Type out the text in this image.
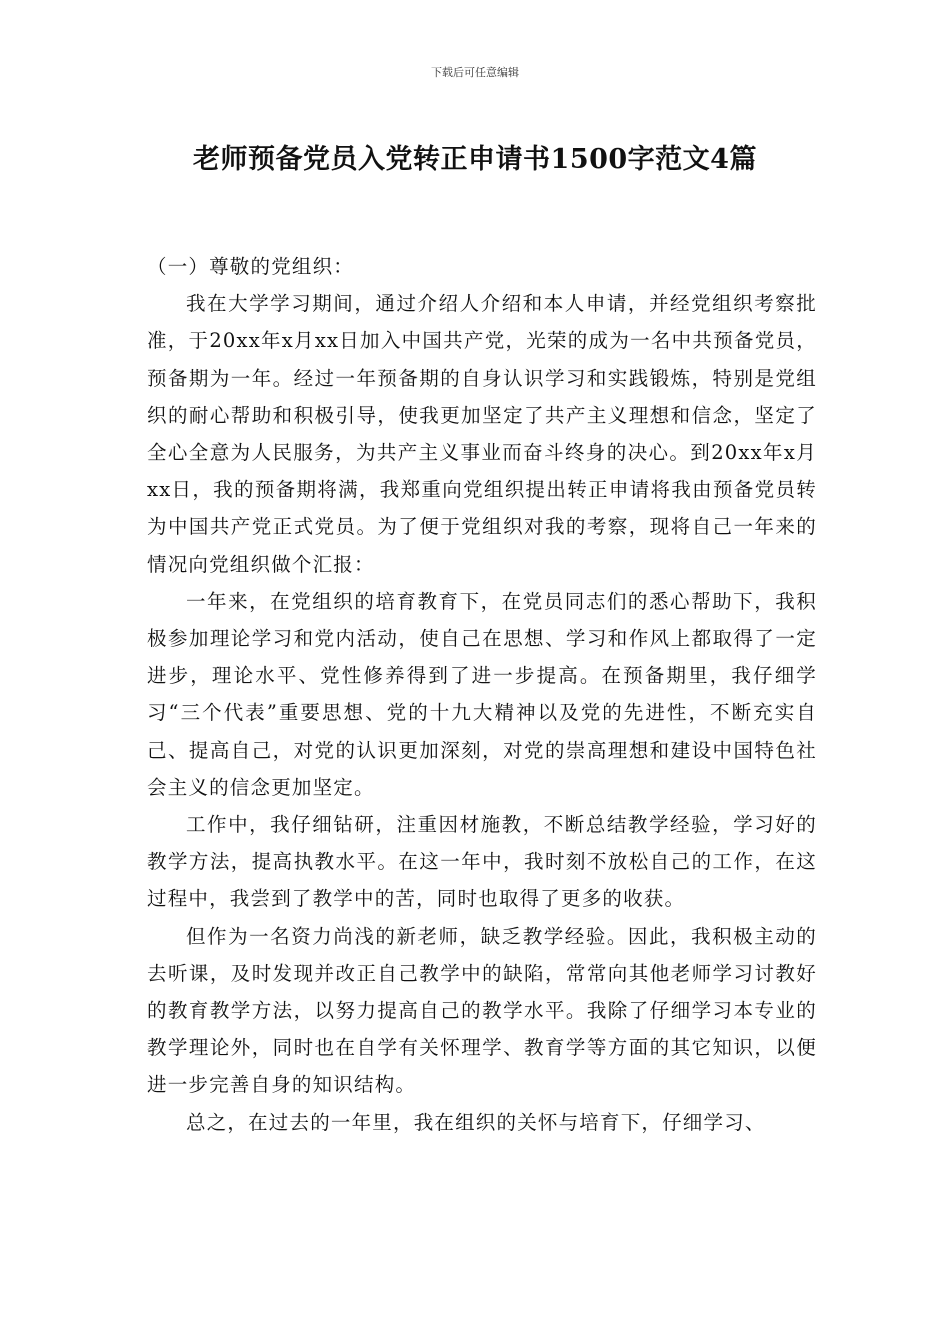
下载后可任意编辑
老师预备党员入党转正申请书1500字范文4篇

（一）尊敬的党组织：

我在大学学习期间，通过介绍人介绍和本人申请，并经党组织考察批准，于20xx年x月xx日加入中国共产党，光荣的成为一名中共预备党员，预备期为一年。经过一年预备期的自身认识学习和实践锻炼，特别是党组织的耐心帮助和积极引导，使我更加坚定了共产主义理想和信念，坚定了全心全意为人民服务，为共产主义事业而奋斗终身的决心。到20xx年x月xx日，我的预备期将满，我郑重向党组织提出转正申请将我由预备党员转为中国共产党正式党员。为了便于党组织对我的考察，现将自己一年来的情况向党组织做个汇报：

一年来，在党组织的培育教育下，在党员同志们的悉心帮助下，我积极参加理论学习和党内活动，使自己在思想、学习和作风上都取得了一定进步，理论水平、党性修养得到了进一步提高。在预备期里，我仔细学习“三个代表”重要思想、党的十九大精神以及党的先进性，不断充实自己、提高自己，对党的认识更加深刻，对党的崇高理想和建设中国特色社会主义的信念更加坚定。

工作中，我仔细钻研，注重因材施教，不断总结教学经验，学习好的教学方法，提高执教水平。在这一年中，我时刻不放松自己的工作，在这过程中，我尝到了教学中的苦，同时也取得了更多的收获。

但作为一名资力尚浅的新老师，缺乏教学经验。因此，我积极主动的去听课，及时发现并改正自己教学中的缺陷，常常向其他老师学习讨教好的教育教学方法，以努力提高自己的教学水平。我除了仔细学习本专业的教学理论外，同时也在自学有关怀理学、教育学等方面的其它知识，以便进一步完善自身的知识结构。

总之，在过去的一年里，我在组织的关怀与培育下，仔细学习、
